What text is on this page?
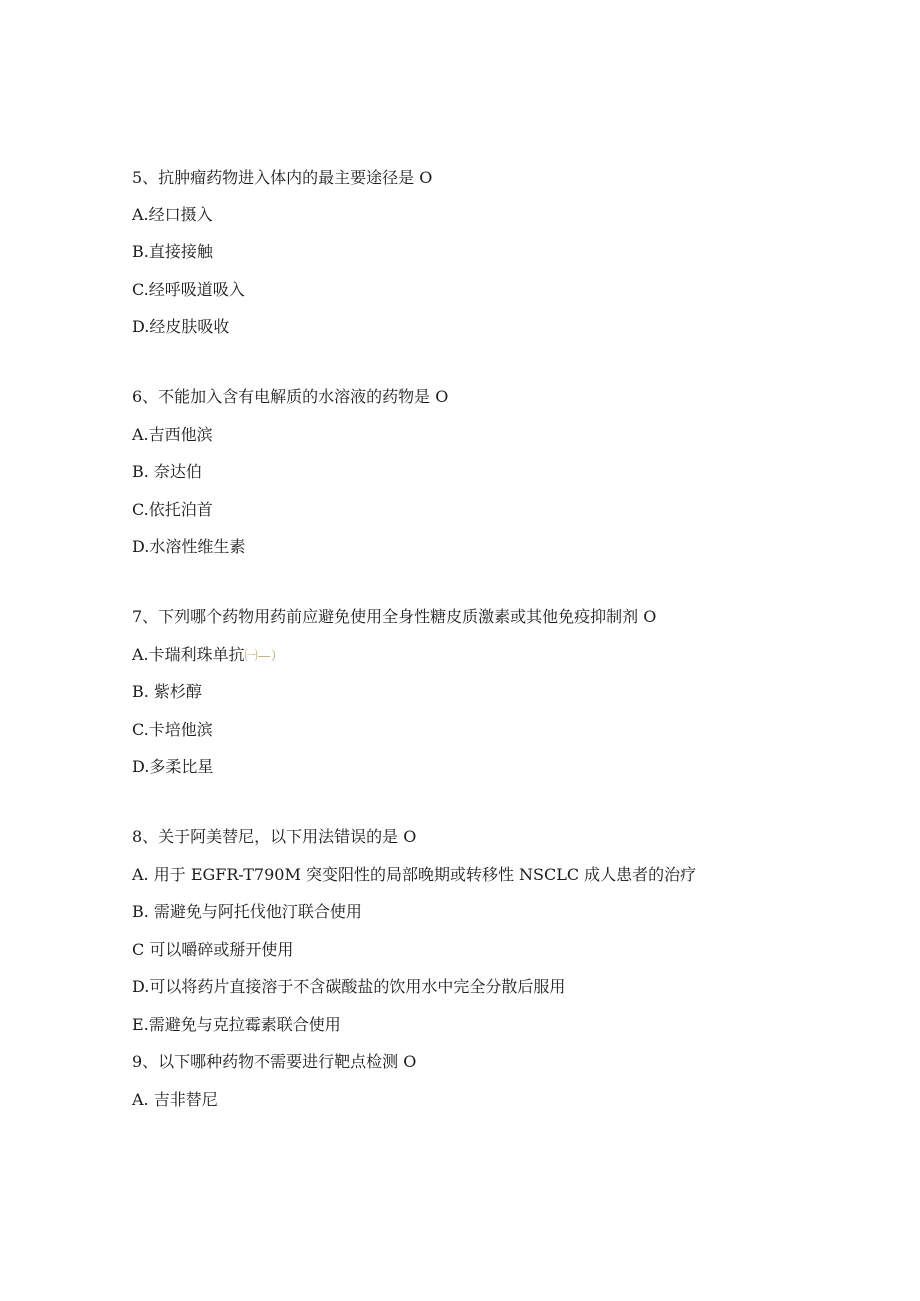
5、抗肿瘤药物进入体内的最主要途径是 O
A.经口摄入
B.直接接触
C.经呼吸道吸入
D.经皮肤吸收
6、不能加入含有电解质的水溶液的药物是 O
A.吉西他滨
B. 奈达伯
C.依托泊首
D.水溶性维生素
7、下列哪个药物用药前应避免使用全身性糖皮质激素或其他免疫抑制剂 O
A.卡瑞利珠单抗㈠—）
B. 紫杉醇
C.卡培他滨
D.多柔比星
8、关于阿美替尼，以下用法错误的是 O
A. 用于 EGFR-T790M 突变阳性的局部晚期或转移性 NSCLC 成人患者的治疗
B. 需避免与阿托伐他汀联合使用
C 可以嚼碎或掰开使用
D.可以将药片直接溶于不含碳酸盐的饮用水中完全分散后服用
E.需避免与克拉霉素联合使用
9、以下哪种药物不需要进行靶点检测 O
A. 吉非替尼
